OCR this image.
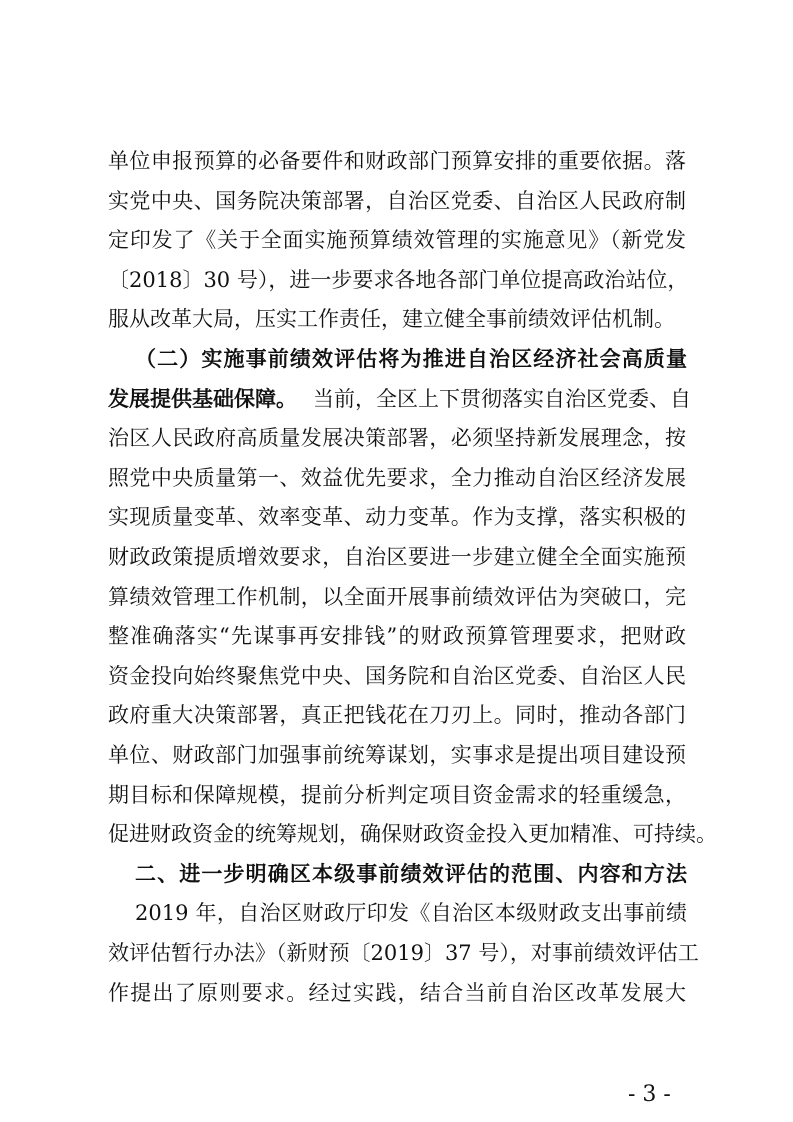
单位申报预算的必备要件和财政部门预算安排的重要依据。落
实党中央、国务院决策部署，自治区党委、自治区人民政府制
定印发了《关于全面实施预算绩效管理的实施意见》（新党发
〔2018〕30 号），进一步要求各地各部门单位提高政治站位，
服从改革大局，压实工作责任，建立健全事前绩效评估机制。
（二）实施事前绩效评估将为推进自治区经济社会高质量
发展提供基础保障。 当前，全区上下贯彻落实自治区党委、自
治区人民政府高质量发展决策部署，必须坚持新发展理念，按
照党中央质量第一、效益优先要求，全力推动自治区经济发展
实现质量变革、效率变革、动力变革。作为支撑，落实积极的
财政政策提质增效要求，自治区要进一步建立健全全面实施预
算绩效管理工作机制，以全面开展事前绩效评估为突破口，完
整准确落实“先谋事再安排钱”的财政预算管理要求，把财政
资金投向始终聚焦党中央、国务院和自治区党委、自治区人民
政府重大决策部署，真正把钱花在刀刃上。同时，推动各部门
单位、财政部门加强事前统筹谋划，实事求是提出项目建设预
期目标和保障规模，提前分析判定项目资金需求的轻重缓急，
促进财政资金的统筹规划，确保财政资金投入更加精准、可持续。
二、进一步明确区本级事前绩效评估的范围、内容和方法
- 3 -
2019 年，自治区财政厅印发《自治区本级财政支出事前绩
效评估暂行办法》（新财预〔2019〕37 号），对事前绩效评估工
作提出了原则要求。经过实践，结合当前自治区改革发展大
